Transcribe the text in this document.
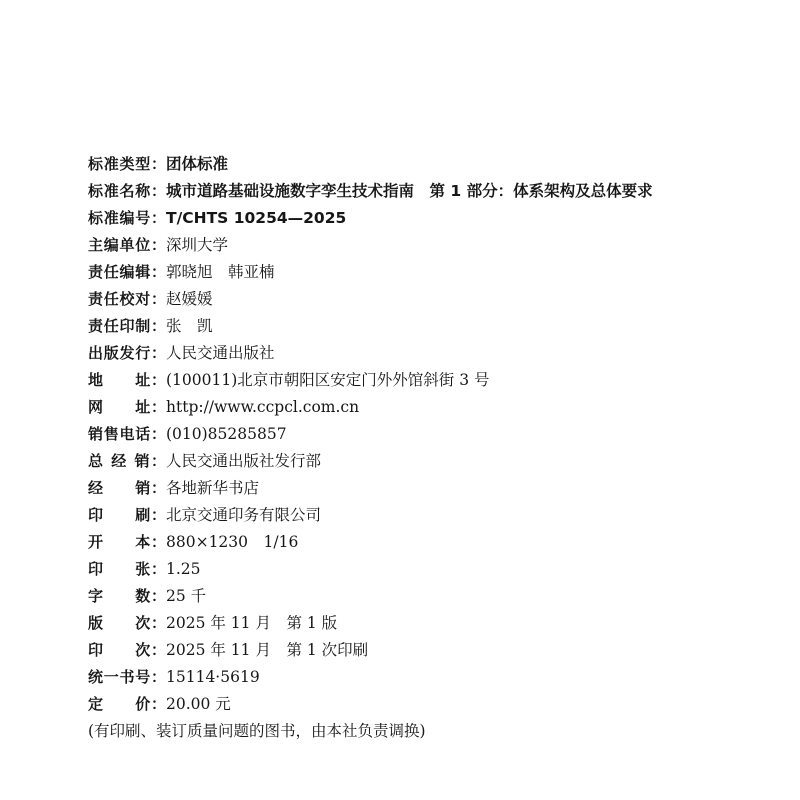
标准类型： 团体标准
标准名称： 城市道路基础设施数字孪生技术指南　第 1 部分：体系架构及总体要求
标准编号： T/CHTS 10254—2025
主编单位： 深圳大学
责任编辑： 郭晓旭　韩亚楠
责任校对： 赵媛媛
责任印制： 张　凯
出版发行： 人民交通出版社
地　　址： (100011)北京市朝阳区安定门外外馆斜街 3 号
网　　址： http://www.ccpcl.com.cn
销售电话： (010)85285857
总 经 销： 人民交通出版社发行部
经　　销： 各地新华书店
印　　刷： 北京交通印务有限公司
开　　本： 880×1230　1/16
印　　张： 1.25
字　　数： 25 千
版　　次： 2025 年 11 月　第 1 版
印　　次： 2025 年 11 月　第 1 次印刷
统一书号： 15114·5619
定　　价： 20.00 元
(有印刷、装订质量问题的图书，由本社负责调换)
